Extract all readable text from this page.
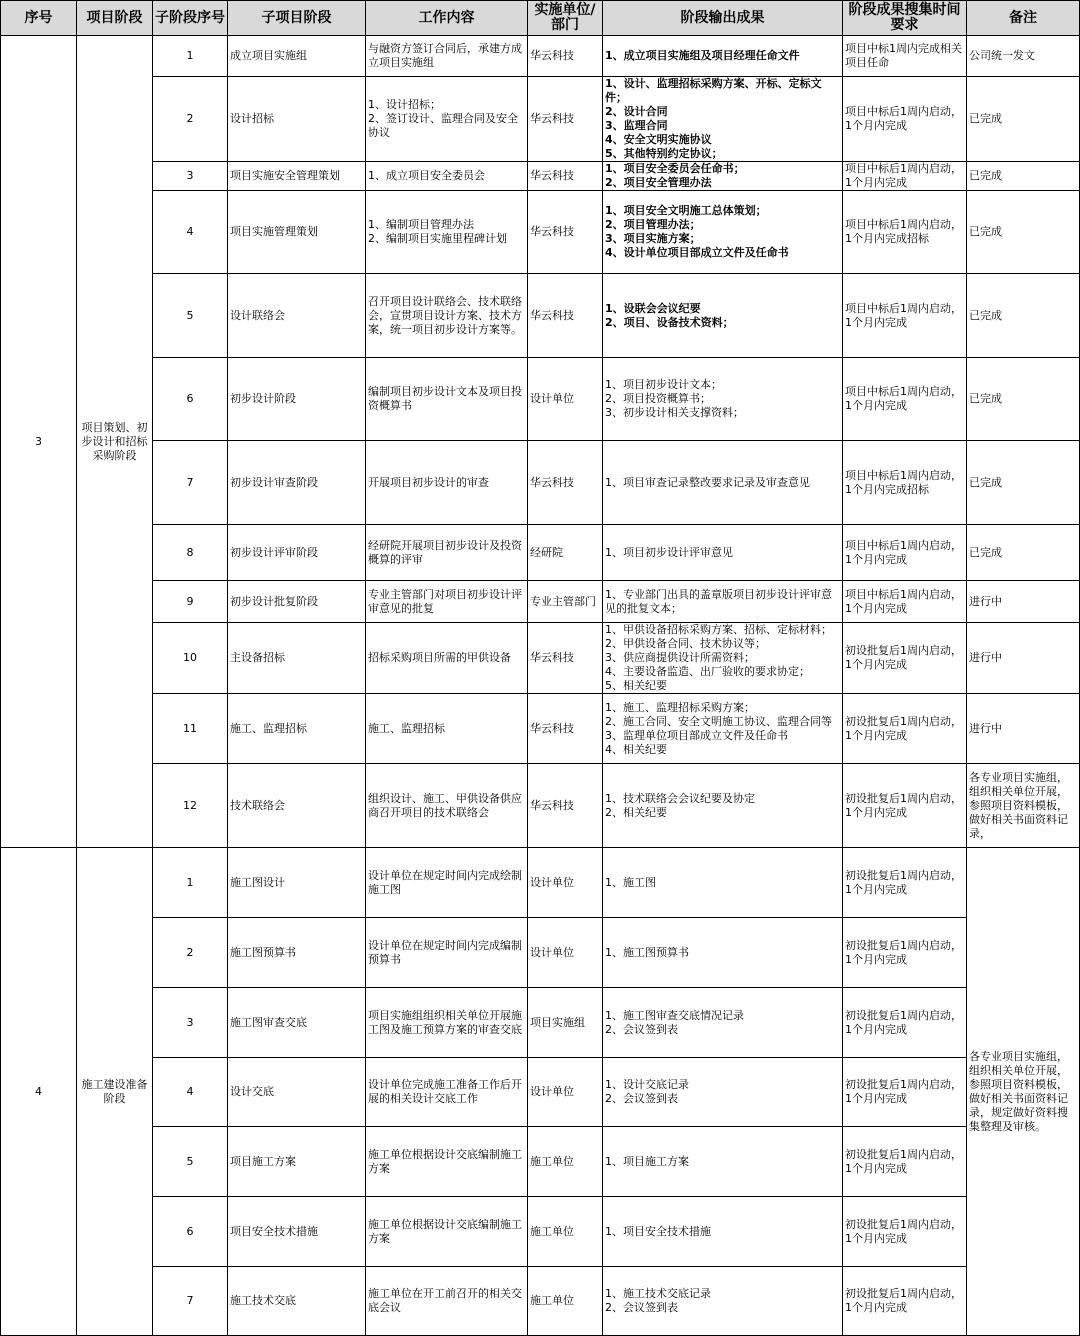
序号	项目阶段	子阶段序号	子项目阶段	工作内容	实施单位/部门	阶段输出成果	阶段成果搜集时间要求	备注

3	项目策划、初步设计和招标采购阶段	1	成立项目实施组	与融资方签订合同后，承建方成立项目实施组	华云科技	1、成立项目实施组及项目经理任命文件	项目中标1周内完成相关项目任命	公司统一发文

		2	设计招标	1、设计招标；
2、签订设计、监理合同及安全协议	华云科技	1、设计、监理招标采购方案、开标、定标文件；
2、设计合同
3、监理合同
4、安全文明实施协议
5、其他特别约定协议；	项目中标后1周内启动，1个月内完成	已完成

		3	项目实施安全管理策划	1、成立项目安全委员会	华云科技	1、项目安全委员会任命书；
2、项目安全管理办法	项目中标后1周内启动，1个月内完成	已完成

		4	项目实施管理策划	1、编制项目管理办法
2、编制项目实施里程碑计划	华云科技	1、项目安全文明施工总体策划；
2、项目管理办法；
3、项目实施方案；
4、设计单位项目部成立文件及任命书	项目中标后1周内启动，1个月内完成招标	已完成

		5	设计联络会	召开项目设计联络会、技术联络会，宣贯项目设计方案、技术方案，统一项目初步设计方案等。	华云科技	1、设联会会议纪要
2、项目、设备技术资料；	项目中标后1周内启动，1个月内完成	已完成

		6	初步设计阶段	编制项目初步设计文本及项目投资概算书	设计单位	1、项目初步设计文本；
2、项目投资概算书；
3、初步设计相关支撑资料；	项目中标后1周内启动，1个月内完成	已完成

		7	初步设计审查阶段	开展项目初步设计的审查	华云科技	1、项目审查记录整改要求记录及审查意见	项目中标后1周内启动，1个月内完成招标	已完成

		8	初步设计评审阶段	经研院开展项目初步设计及投资概算的评审	经研院	1、项目初步设计评审意见	项目中标后1周内启动，1个月内完成	已完成

		9	初步设计批复阶段	专业主管部门对项目初步设计评审意见的批复	专业主管部门	1、专业部门出具的盖章版项目初步设计评审意见的批复文本；	项目中标后1周内启动，1个月内完成	进行中

		10	主设备招标	招标采购项目所需的甲供设备	华云科技	1、甲供设备招标采购方案、招标、定标材料；
2、甲供设备合同、技术协议等；
3、供应商提供设计所需资料；
4、主要设备监造、出厂验收的要求协定；
5、相关纪要	初设批复后1周内启动，1个月内完成	进行中

		11	施工、监理招标	施工、监理招标	华云科技	1、施工、监理招标采购方案；
2、施工合同、安全文明施工协议、监理合同等
3、监理单位项目部成立文件及任命书
4、相关纪要	初设批复后1周内启动，1个月内完成	进行中

		12	技术联络会	组织设计、施工、甲供设备供应商召开项目的技术联络会	华云科技	1、技术联络会会议纪要及协定
2、相关纪要	初设批复后1周内启动，1个月内完成	各专业项目实施组，组织相关单位开展，参照项目资料模板，做好相关书面资料记录，

4	施工建设准备阶段	1	施工图设计	设计单位在规定时间内完成绘制施工图	设计单位	1、施工图	初设批复后1周内启动，1个月内完成	各专业项目实施组，组织相关单位开展，参照项目资料模板，做好相关书面资料记录，规定做好资料搜集整理及审核。

		2	施工图预算书	设计单位在规定时间内完成编制预算书	设计单位	1、施工图预算书	初设批复后1周内启动，1个月内完成	

		3	施工图审查交底	项目实施组组织相关单位开展施工图及施工预算方案的审查交底	项目实施组	1、施工图审查交底情况记录
2、会议签到表	初设批复后1周内启动，1个月内完成	

		4	设计交底	设计单位完成施工准备工作后开展的相关设计交底工作	设计单位	1、设计交底记录
2、会议签到表	初设批复后1周内启动，1个月内完成	

		5	项目施工方案	施工单位根据设计交底编制施工方案	施工单位	1、项目施工方案	初设批复后1周内启动，1个月内完成	

		6	项目安全技术措施	施工单位根据设计交底编制施工方案	施工单位	1、项目安全技术措施	初设批复后1周内启动，1个月内完成	

		7	施工技术交底	施工单位在开工前召开的相关交底会议	施工单位	1、施工技术交底记录
2、会议签到表	初设批复后1周内启动，1个月内完成	
